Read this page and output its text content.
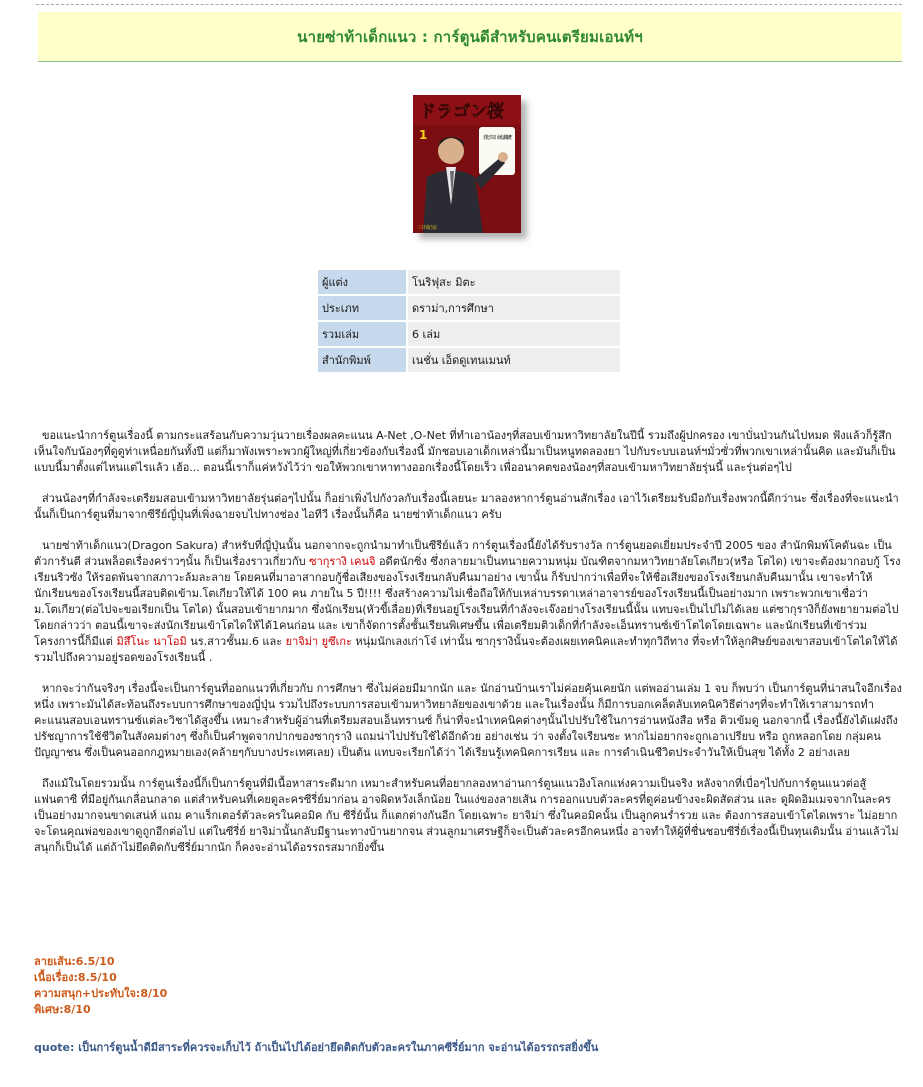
นายซ่าท้าเด็กแนว : การ์ตูนดีสำหรับคนเตรียมเอนท์ฯ
ドラゴン桜
1	教えてやる！東大は簡単だ!!
三田紀房
ผู้แต่ง	โนริฟุสะ มิตะ
ประเภท	ดราม่า,การศึกษา
รวมเล่ม	6 เล่ม
สำนักพิมพ์	เนชั่น เอ็ดดูเทนเมนท์

ขอแนะนำการ์ตูนเรื่องนี้ ตามกระแสร้อนกับความวุ่นวายเรื่องผลคะแนน A-Net ,O-Net ที่ทำเอาน้องๆที่สอบเข้ามหาวิทยาลัยในปีนี้ รวมถึงผู้ปกครอง เขาบั่นป่วนกันไปหมด ฟังแล้วก็รู้สึกเห็นใจกับน้องๆที่ดูดูท่าเหนื่อยกันทั้งปี แต่ก็มาพังเพราะพวกผู้ใหญ่ที่เกี่ยวข้องกับเรื่องนี้ มักชอบเอาเด็กเหล่านี้มาเป็นหนูทดลองยา ไปกับระบบเอนท์ฯมั่วซั่วที่พวกเขาเหล่านั้นคิด และมันก็เป็นแบบนี้มาตั้งแต่ไหนแต่ไรแล้ว เฮ้อ... ตอนนี้เราก็แค่หวังไว้ว่า ขอให้พวกเขาหาทางออกเรื่องนี้โดยเร็ว เพื่ออนาคตของน้องๆที่สอบเข้ามหาวิทยาลัยรุ่นนี้ และรุ่นต่อๆไป

ส่วนน้องๆที่กำลังจะเตรียมสอบเข้ามหาวิทยาลัยรุ่นต่อๆไปนั้น ก็อย่าเพิ่งไปกังวลกับเรื่องนี้เลยนะ มาลองหาการ์ตูนอ่านสักเรื่อง เอาไว้เตรียมรับมือกับเรื่องพวกนี้ดีกว่านะ ซึ่งเรื่องที่จะแนะนำนั้นก็เป็นการ์ตูนที่มาจากซีรีย์ญี่ปุ่นที่เพิ่งฉายจบไปทางช่อง ไอทีวี เรื่องนั้นก็คือ นายซ่าท้าเด็กแนว ครับ

นายซ่าท้าเด็กแนว(Dragon Sakura) สำหรับที่ญี่ปุ่นนั้น นอกจากจะถูกนำมาทำเป็นซีรีย์แล้ว การ์ตูนเรื่องนี้ยังได้รับรางวัล การ์ตูนยอดเยี่ยมประจำปี 2005 ของ สำนักพิมพ์โคดันฉะ เป็นตัวการันตี ส่วนพล็อตเรื่องคร่าวๆนั้น ก็เป็นเรื่องราวเกี่ยวกับ ซากุรางิ เคนจิ อดีตนักซิ่ง ซึ่งกลายมาเป็นทนายความหนุ่ม บัณฑิตจากมหาวิทยาลัยโตเกียว(หรือ โตได) เขาจะต้องมากอบกู้ โรงเรียนริวซัง ให้รอดพ้นจากสภาวะล้มละลาย โดยคนที่มาอาสากอบกู้ชื่อเสียงของโรงเรียนกลับคืนมาอย่าง เขานั้น ก็รับปากว่าเพื่อที่จะให้ชื่อเสียงของโรงเรียนกลับคืนมานั้น เขาจะทำให้นักเรียนของโรงเรียนนี้สอบติดเข้าม.โตเกียวให้ได้ 100 คน ภายใน 5 ปี!!!! ซึ่งสร้างความไม่เชื่อถือให้กับเหล่าบรรดาเหล่าอาจารย์ของโรงเรียนนี้เป็นอย่างมาก เพราะพวกเขาเชื่อว่า ม.โตเกียว(ต่อไปจะขอเรียกเป็น โตได) นั้นสอบเข้ายากมาก ซึ่งนักเรียน(หัวขี้เลื่อย)ที่เรียนอยู่โรงเรียนที่กำลังจะเจ๊งอย่างโรงเรียนนี้นั้น แทบจะเป็นไปไม่ได้เลย แต่ซากุรางิก็ยังพยายามต่อไป โดยกล่าวว่า ตอนนี้เขาจะส่งนักเรียนเข้าโตไดให้ได้1คนก่อน และ เขาก็จัดการตั้งชั้นเรียนพิเศษขึ้น เพื่อเตรียมติวเด็กที่กำลังจะเอ็นทรานซ์เข้าโตไดโดยเฉพาะ และนักเรียนที่เข้าร่วมโครงการนี้ก็มีแต่ มิสึโนะ นาโอมิ นร.สาวชั้นม.6 และ ยาจิม่า ยูซึเกะ หนุ่มนักเลงเก่าโจ๋ เท่านั้น ซากุรางินั้นจะต้องเผยเทคนิคและทำทุกวิถีทาง ที่จะทำให้ลูกศิษย์ของเขาสอบเข้าโตไดให้ได้ รวมไปถึงความอยู่รอดของโรงเรียนนี้ .

หากจะว่ากันจริงๆ เรื่องนี้จะเป็นการ์ตูนที่ออกแนวที่เกี่ยวกับ การศึกษา ซึ่งไม่ค่อยมีมากนัก และ นักอ่านบ้านเราไม่ค่อยคุ้นเคยนัก แต่พออ่านเล่ม 1 จบ ก็พบว่า เป็นการ์ตูนที่น่าสนใจอีกเรื่องหนึ่ง เพราะมันได้สะท้อนถึงระบบการศึกษาของญี่ปุ่น รวมไปถึงระบบการสอบเข้ามหาวิทยาลัยของเขาด้วย และในเรื่องนั้น ก็มีการบอกเคล็ดลับเทคนิควิธีต่างๆที่จะทำให้เราสามารถทำคะแนนสอบเอนทรานซ์แต่ละวิชาได้สูงขึ้น เหมาะสำหรับผู้อ่านที่เตรียมสอบเอ็นทรานซ์ ก็น่าที่จะนำเทคนิคต่างๆนั้นไปปรับใช้ในการอ่านหนังสือ หรือ ติวเข้มดู นอกจากนี้ เรื่องนี้ยังได้แฝงถึงปรัชญาการใช้ชีวิตในสังคมต่างๆ ซึ่งก็เป็นคำพูดจากปากของซากุรางิ แถมน่าไปปรับใช้ได้อีกด้วย อย่างเช่น ว่า จงตั้งใจเรียนซะ หากไม่อยากจะถูกเอาเปรียบ หรือ ถูกหลอกโดย กลุ่มคนปัญญาชน ซึ่งเป็นคนออกกฎหมายเอง(คล้ายๆกับบางประเทศเลย) เป็นต้น แทบจะเรียกได้ว่า ได้เรียนรู้เทคนิคการเรียน และ การดำเนินชีวิตประจำวันให้เป็นสุข ได้ทั้ง 2 อย่างเลย

ถึงแม้ในโดยรวมนั้น การ์ตูนเรื่องนี้ก็เป็นการ์ตูนที่มีเนื้อหาสาระดีมาก เหมาะสำหรับคนที่อยากลองหาอ่านการ์ตูนแนวอิงโลกแห่งความเป็นจริง หลังจากที่เบื่อๆไปกับการ์ตูนแนวต่อสู้ แฟนตาซี ที่มีอยู่กันเกลื่อนกลาด แต่สำหรับคนที่เคยดูละครซีรี่ย์มาก่อน อาจผิดหวังเล็กน้อย ในแง่ของลายเส้น การออกแบบตัวละครที่ดูค่อนข้างจะผิดสัดส่วน และ ดูผิดอิมเมจจากในละครเป็นอย่างมากจนขาดเสน่ห์ แถม คาแร็กเตอร์ตัวละครในคอมิค กับ ซีรี่ย์นั้น ก็แตกต่างกันอีก โดยเฉพาะ ยาจิม่า ซึ่งในคอมิคนั้น เป็นลูกคนร่ำรวย และ ต้องการสอบเข้าโตไดเพราะ ไม่อยากจะโดนคุณพ่อของเขาดูถูกอีกต่อไป แต่ในซีรี่ย์ ยาจิม่านั้นกลับมีฐานะทางบ้านยากจน ส่วนลูกมาเศรษฐีก็จะเป็นตัวละครอีกคนหนึ่ง อาจทำให้ผู้ที่ชื่นชอบซีรี่ย์เรื่องนี้เป็นทุนเดิมนั้น อ่านแล้วไม่สนุกก็เป็นได้ แต่ถ้าไม่ยึดติดกับซีรี่ย์มากนัก ก็คงจะอ่านได้อรรถรสมากยิ่งขึ้น

ลายเส้น:6.5/10
เนื้อเรื่อง:8.5/10
ความสนุก+ประทับใจ:8/10
พิเศษ:8/10
quote: เป็นการ์ตูนน้ำดีมีสาระที่ควรจะเก็บไว้ ถ้าเป็นไปได้อย่ายึดติดกับตัวละครในภาคซีรี่ย์มาก จะอ่านได้อรรถรสยิ่งขึ้น
